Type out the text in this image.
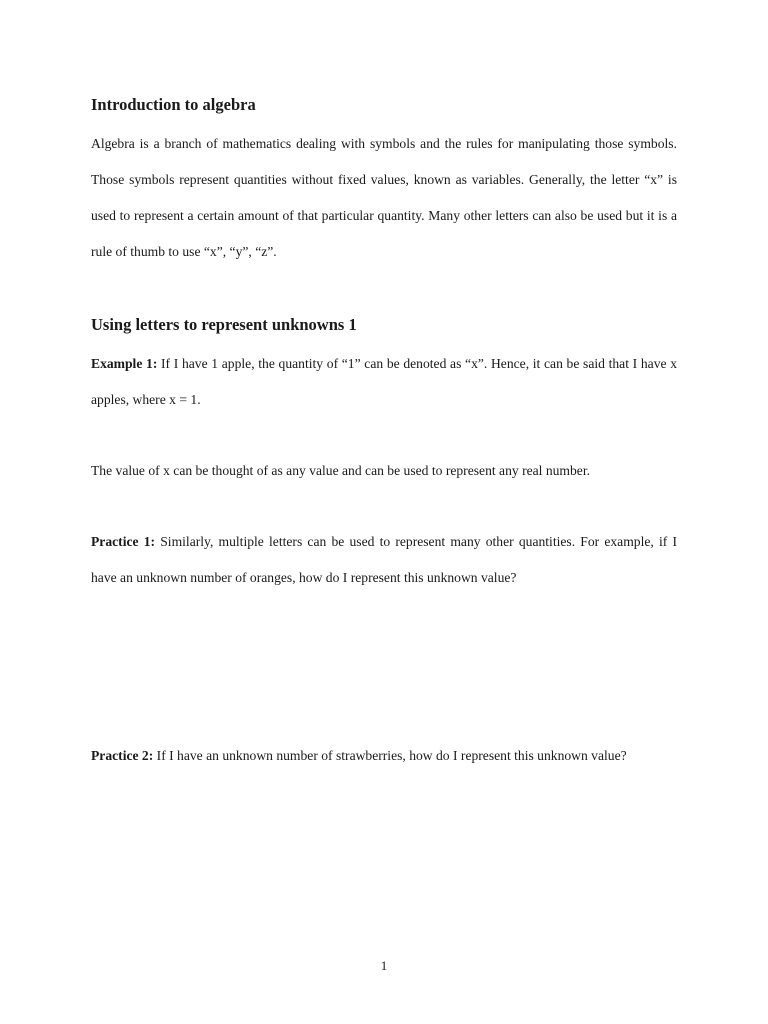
Introduction to algebra

Algebra is a branch of mathematics dealing with symbols and the rules for manipulating those symbols. Those symbols represent quantities without fixed values, known as variables. Generally, the letter “x” is used to represent a certain amount of that particular quantity. Many other letters can also be used but it is a rule of thumb to use “x”, “y”, “z”.

Using letters to represent unknowns 1

Example 1: If I have 1 apple, the quantity of “1” can be denoted as “x”. Hence, it can be said that I have x apples, where x = 1.

The value of x can be thought of as any value and can be used to represent any real number.

Practice 1: Similarly, multiple letters can be used to represent many other quantities. For example, if I have an unknown number of oranges, how do I represent this unknown value?

Practice 2: If I have an unknown number of strawberries, how do I represent this unknown value?

1
